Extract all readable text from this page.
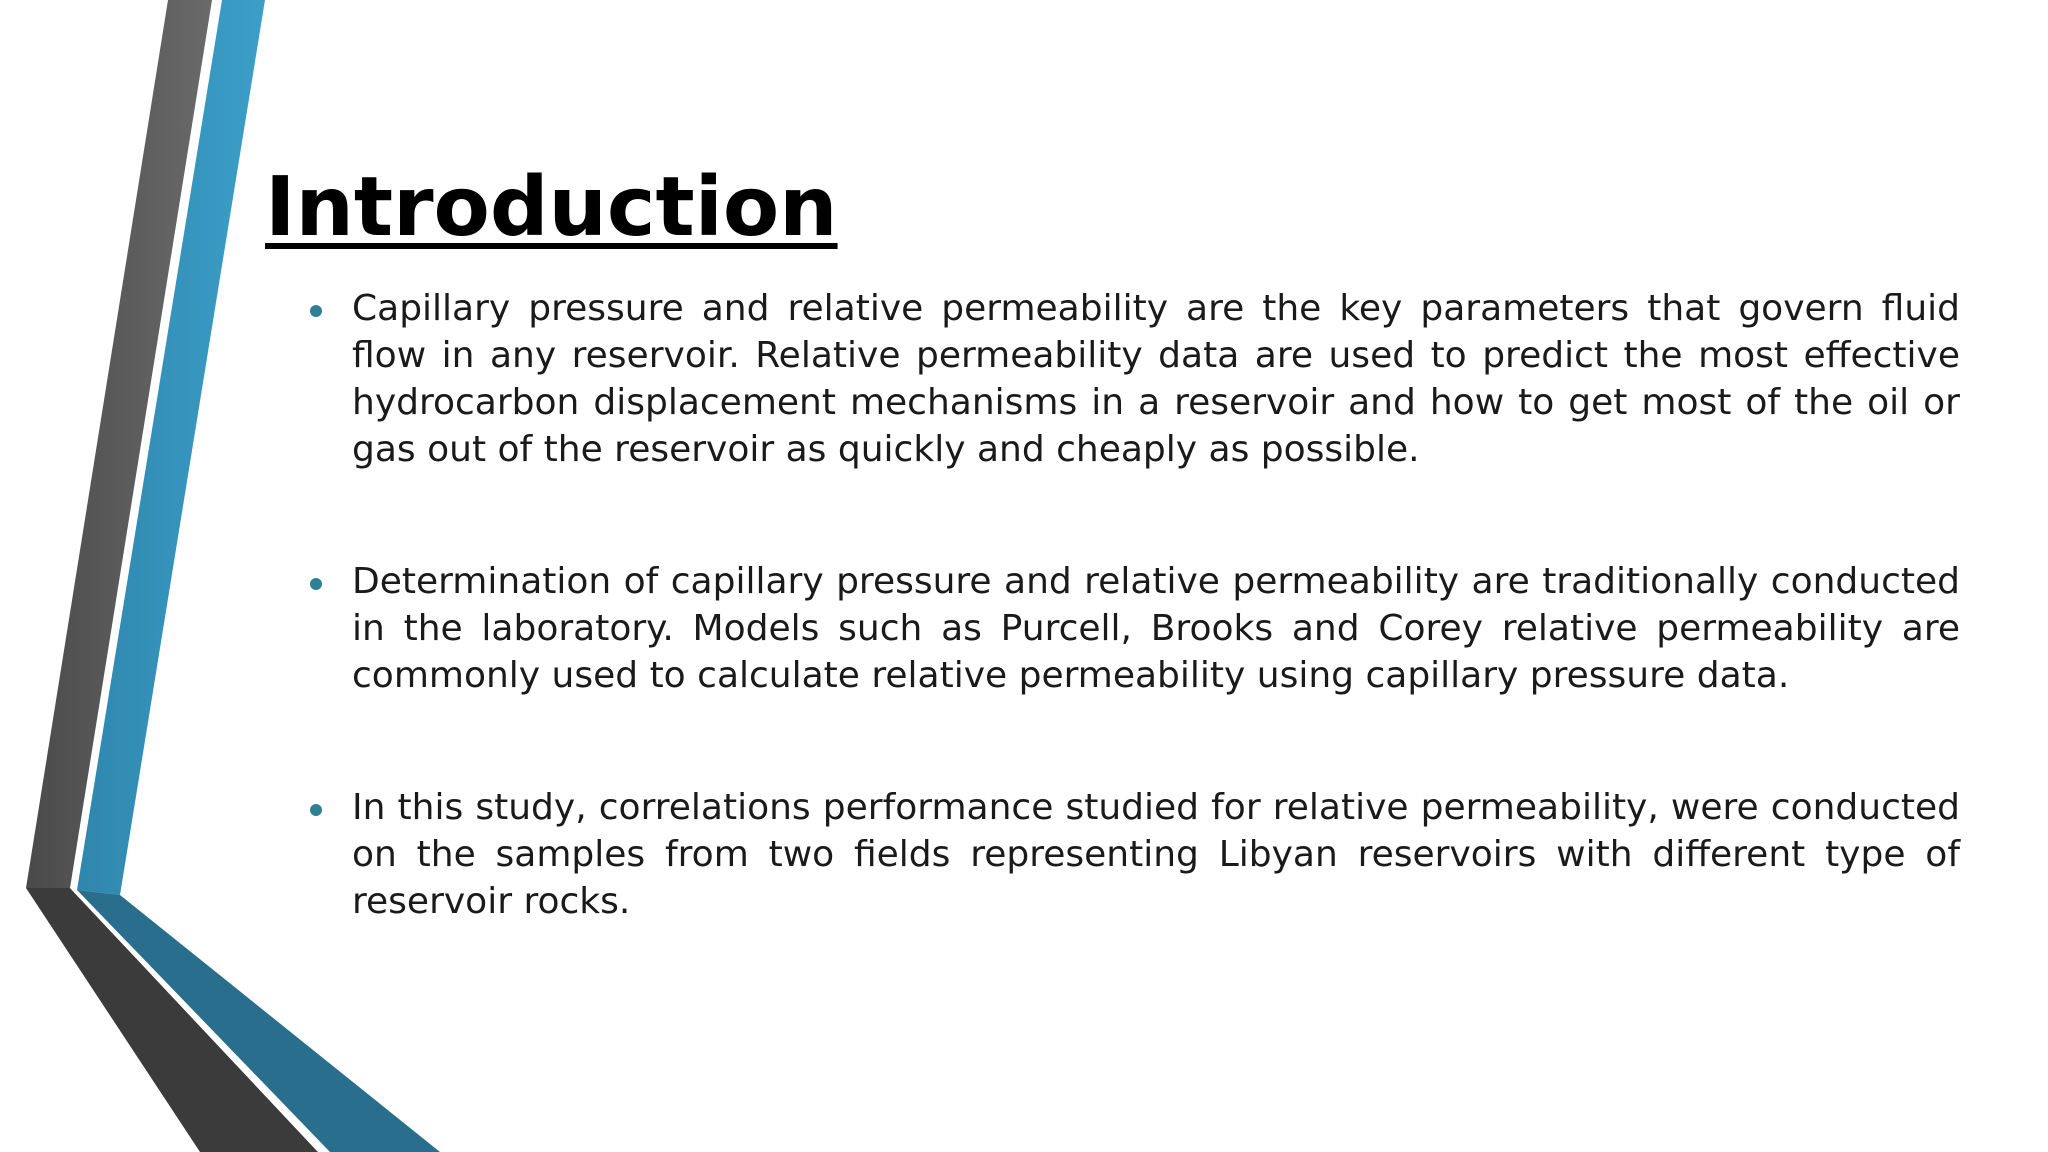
Introduction

Capillary pressure and relative permeability are the key parameters that govern fluid flow in any reservoir. Relative permeability data are used to predict the most effective hydrocarbon displacement mechanisms in a reservoir and how to get most of the oil or gas out of the reservoir as quickly and cheaply as possible.

Determination of capillary pressure and relative permeability are traditionally conducted in the laboratory. Models such as Purcell, Brooks and Corey relative permeability are commonly used to calculate relative permeability using capillary pressure data.

In this study, correlations performance studied for relative permeability, were conducted on the samples from two fields representing Libyan reservoirs with different type of reservoir rocks.
